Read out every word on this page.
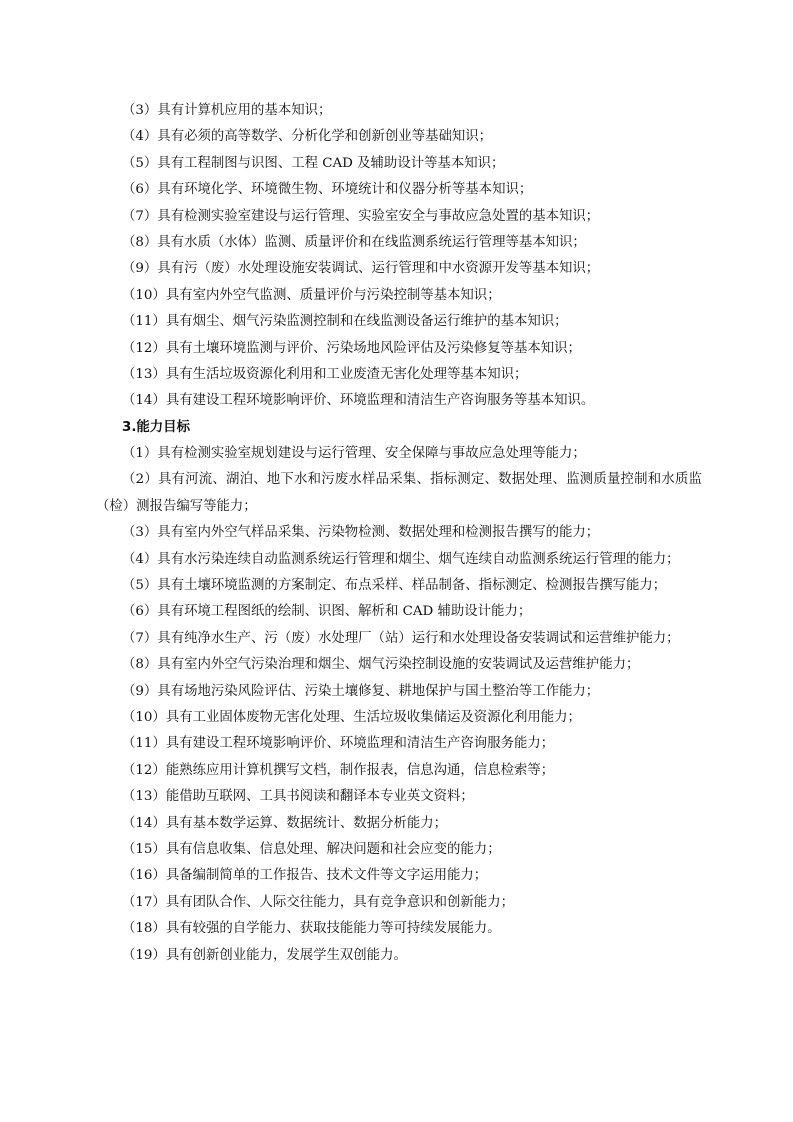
（3）具有计算机应用的基本知识；
（4）具有必须的高等数学、分析化学和创新创业等基础知识；
（5）具有工程制图与识图、工程 CAD 及辅助设计等基本知识；
（6）具有环境化学、环境微生物、环境统计和仪器分析等基本知识；
（7）具有检测实验室建设与运行管理、实验室安全与事故应急处置的基本知识；
（8）具有水质（水体）监测、质量评价和在线监测系统运行管理等基本知识；
（9）具有污（废）水处理设施安装调试、运行管理和中水资源开发等基本知识；
（10）具有室内外空气监测、质量评价与污染控制等基本知识；
（11）具有烟尘、烟气污染监测控制和在线监测设备运行维护的基本知识；
（12）具有土壤环境监测与评价、污染场地风险评估及污染修复等基本知识；
（13）具有生活垃圾资源化利用和工业废渣无害化处理等基本知识；
（14）具有建设工程环境影响评价、环境监理和清洁生产咨询服务等基本知识。
3.能力目标
（1）具有检测实验室规划建设与运行管理、安全保障与事故应急处理等能力；
（2）具有河流、湖泊、地下水和污废水样品采集、指标测定、数据处理、监测质量控制和水质监（检）测报告编写等能力；
（3）具有室内外空气样品采集、污染物检测、数据处理和检测报告撰写的能力；
（4）具有水污染连续自动监测系统运行管理和烟尘、烟气连续自动监测系统运行管理的能力；
（5）具有土壤环境监测的方案制定、布点采样、样品制备、指标测定、检测报告撰写能力；
（6）具有环境工程图纸的绘制、识图、解析和 CAD 辅助设计能力；
（7）具有纯净水生产、污（废）水处理厂（站）运行和水处理设备安装调试和运营维护能力；
（8）具有室内外空气污染治理和烟尘、烟气污染控制设施的安装调试及运营维护能力；
（9）具有场地污染风险评估、污染土壤修复、耕地保护与国土整治等工作能力；
（10）具有工业固体废物无害化处理、生活垃圾收集储运及资源化利用能力；
（11）具有建设工程环境影响评价、环境监理和清洁生产咨询服务能力；
（12）能熟练应用计算机撰写文档，制作报表，信息沟通，信息检索等；
（13）能借助互联网、工具书阅读和翻译本专业英文资料；
（14）具有基本数学运算、数据统计、数据分析能力；
（15）具有信息收集、信息处理、解决问题和社会应变的能力；
（16）具备编制简单的工作报告、技术文件等文字运用能力；
（17）具有团队合作、人际交往能力，具有竞争意识和创新能力；
（18）具有较强的自学能力、获取技能能力等可持续发展能力。
（19）具有创新创业能力，发展学生双创能力。
